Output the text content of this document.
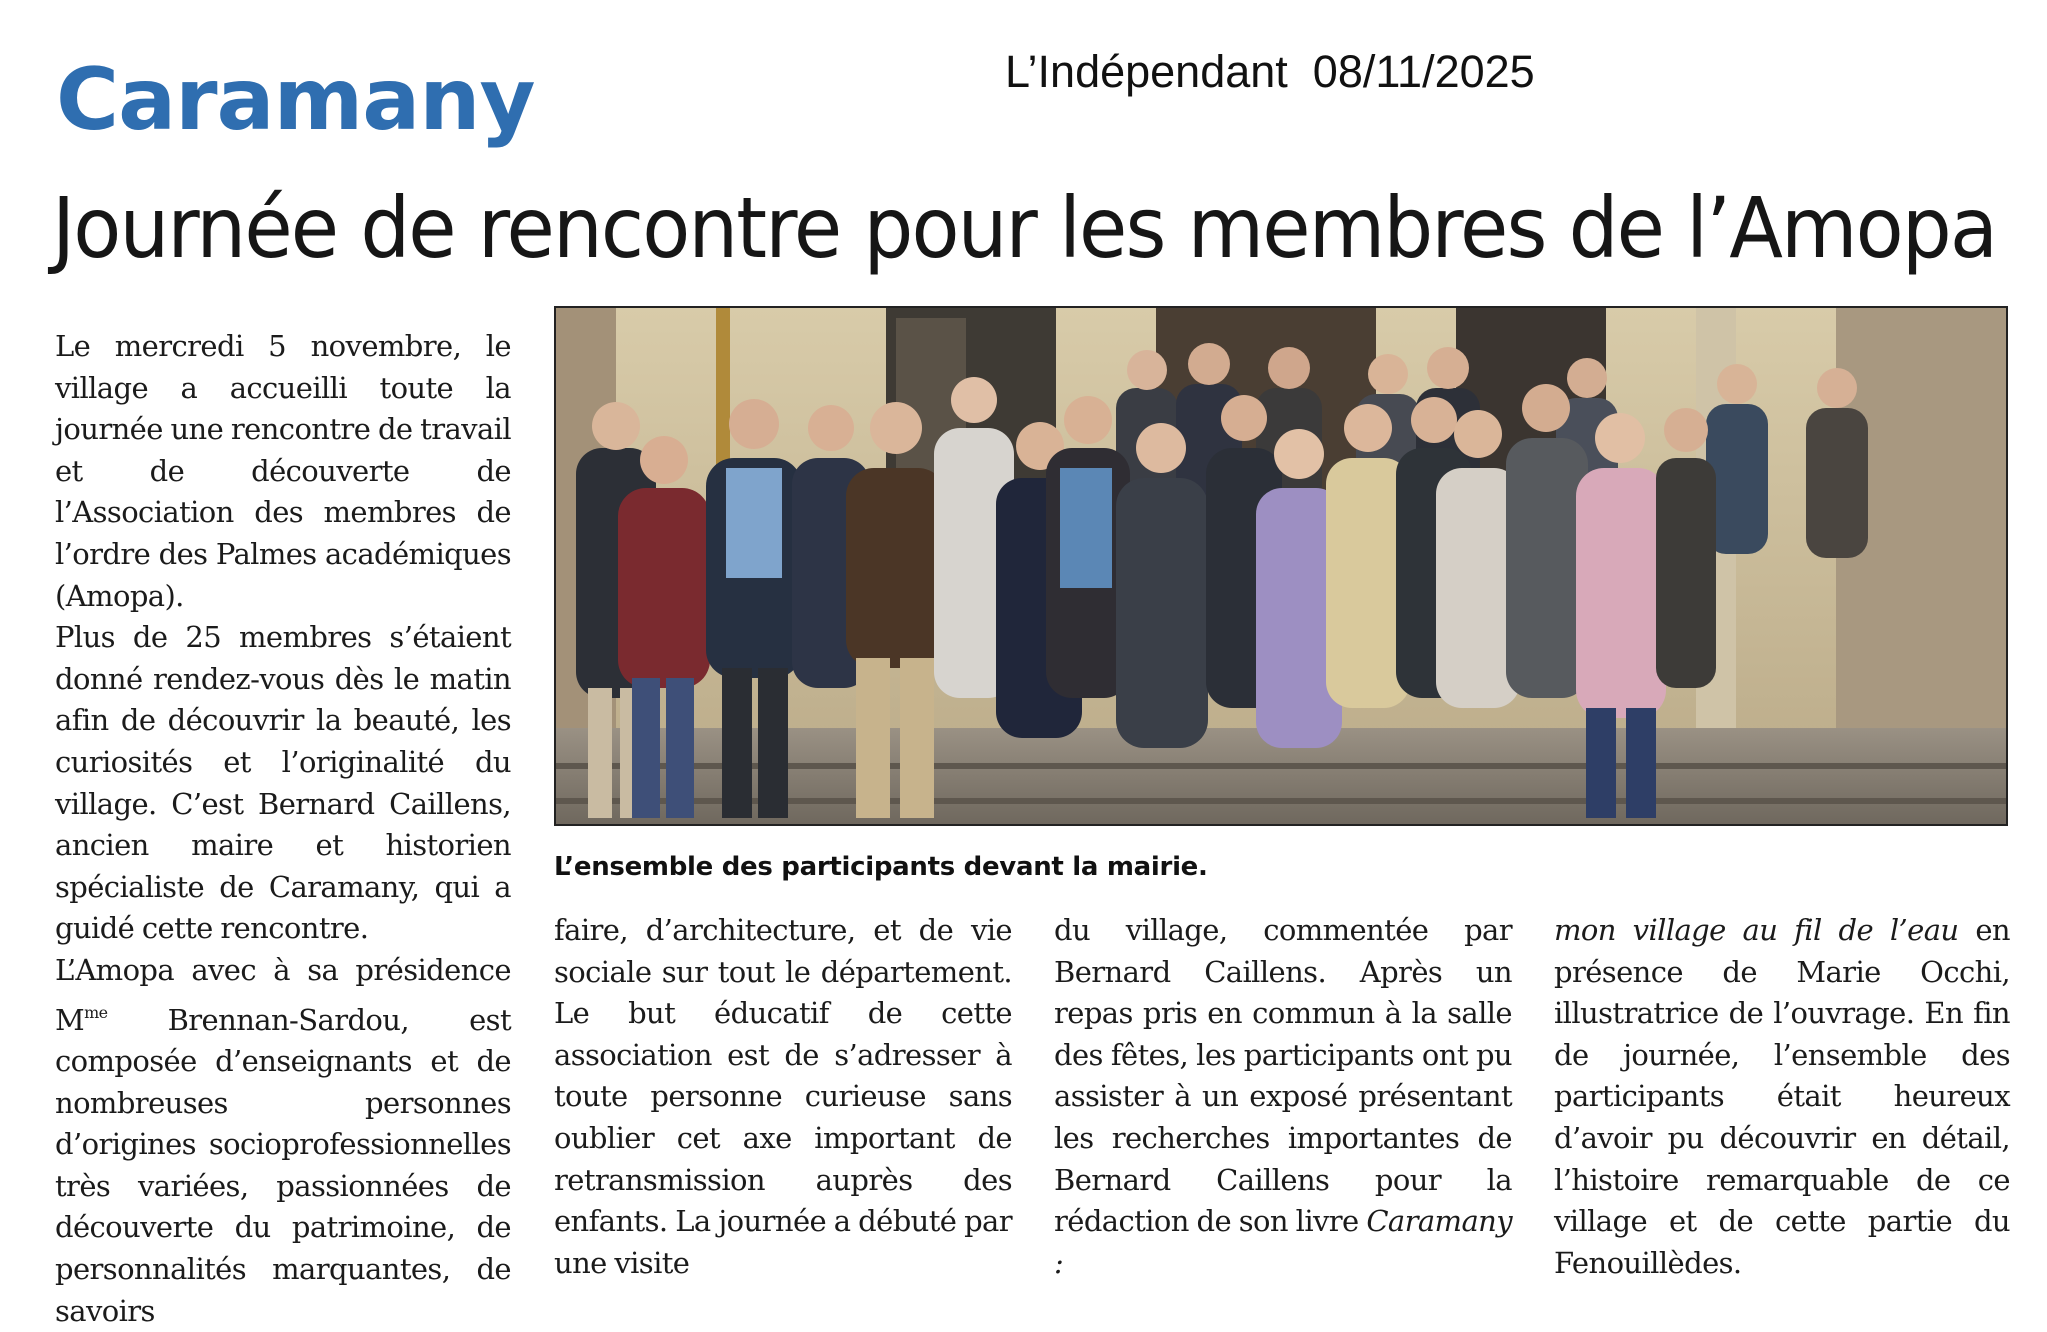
Caramany	L’Indépendant  08/11/2025
Journée de rencontre pour les membres de l’Amopa

Le mercredi 5 novembre, le village a accueilli toute la journée une rencontre de travail et de découverte de l’Association des membres de l’ordre des Palmes académiques (Amopa).

Plus de 25 membres s’étaient donné rendez-vous dès le matin afin de découvrir la beauté, les curiosités et l’originalité du village. C’est Bernard Caillens, ancien maire et historien spécialiste de Caramany, qui a guidé cette rencontre.

L’Amopa avec à sa présidence $M^{me}$ Brennan-Sardou, est composée d’enseignants et de nombreuses personnes d’origines socioprofessionnelles très variées, passionnées de découverte du patrimoine, de personnalités marquantes, de savoirs

L’ensemble des participants devant la mairie.

faire, d’architecture, et de vie sociale sur tout le département. Le but éducatif de cette association est de s’adresser à toute personne curieuse sans oublier cet axe important de retransmission auprès des enfants. La journée a débuté par une visite

du village, commentée par Bernard Caillens. Après un repas pris en commun à la salle des fêtes, les participants ont pu assister à un exposé présentant les recherches importantes de Bernard Caillens pour la rédaction de son livre Caramany :

mon village au fil de l’eau en présence de Marie Occhi, illustratrice de l’ouvrage. En fin de journée, l’ensemble des participants était heureux d’avoir pu découvrir en détail, l’histoire remarquable de ce village et de cette partie du Fenouillèdes.
